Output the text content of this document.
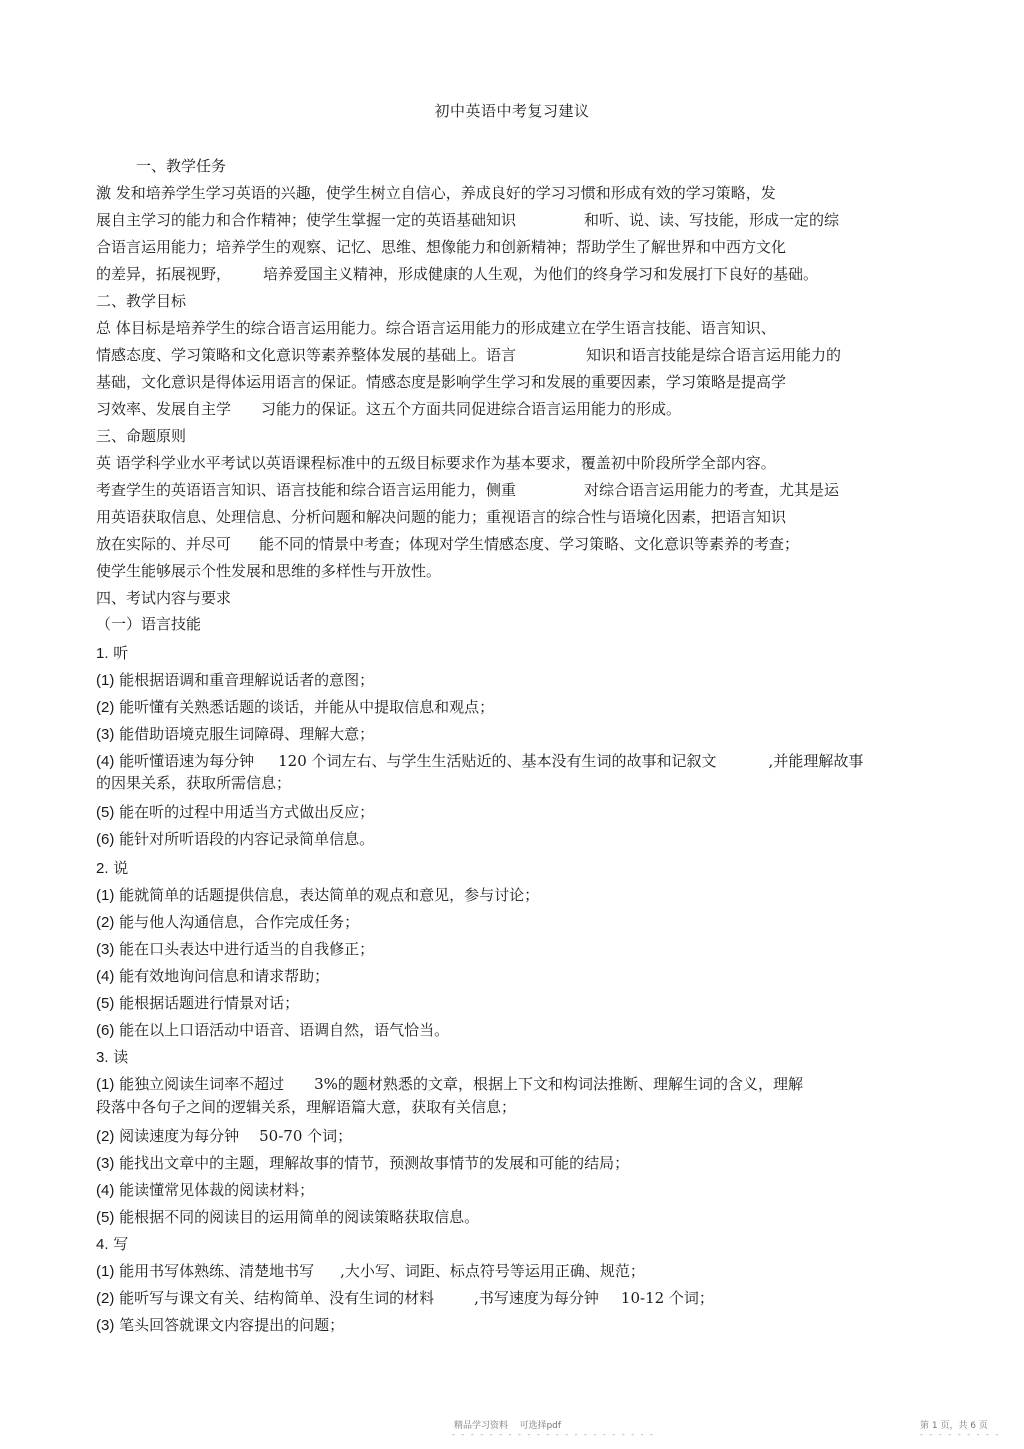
初中英语中考复习建议
一、教学任务
激 发和培养学生学习英语的兴趣，使学生树立自信心，养成良好的学习习惯和形成有效的学习策略，发
展自主学习的能力和合作精神；使学生掌握一定的英语基础知识	和听、说、读、写技能，形成一定的综
合语言运用能力；培养学生的观察、记忆、思维、想像能力和创新精神；帮助学生了解世界和中西方文化
的差异，拓展视野， 培养爱国主义精神，形成健康的人生观，为他们的终身学习和发展打下良好的基础。
二、教学目标
总 体目标是培养学生的综合语言运用能力。综合语言运用能力的形成建立在学生语言技能、语言知识、
情感态度、学习策略和文化意识等素养整体发展的基础上。语言	知识和语言技能是综合语言运用能力的
基础，文化意识是得体运用语言的保证。情感态度是影响学生学习和发展的重要因素，学习策略是提高学
习效率、发展自主学 习能力的保证。这五个方面共同促进综合语言运用能力的形成。
三、命题原则
英 语学科学业水平考试以英语课程标准中的五级目标要求作为基本要求，覆盖初中阶段所学全部内容。
考查学生的英语语言知识、语言技能和综合语言运用能力，侧重	对综合语言运用能力的考查，尤其是运
用英语获取信息、处理信息、分析问题和解决问题的能力；重视语言的综合性与语境化因素，把语言知识
放在实际的、并尽可 能不同的情景中考查；体现对学生情感态度、学习策略、文化意识等素养的考查；
使学生能够展示个性发展和思维的多样性与开放性。
四、考试内容与要求
（一）语言技能
1. 听
(1) 能根据语调和重音理解说话者的意图；
(2) 能听懂有关熟悉话题的谈话，并能从中提取信息和观点；
(3) 能借助语境克服生词障碍、理解大意；
(4) 能听懂语速为每分钟 120 个词左右、与学生生活贴近的、基本没有生词的故事和记叙文	,并能理解故事
的因果关系，获取所需信息；
(5) 能在听的过程中用适当方式做出反应；
(6) 能针对所听语段的内容记录简单信息。
2. 说
(1) 能就简单的话题提供信息，表达简单的观点和意见，参与讨论；
(2) 能与他人沟通信息，合作完成任务；
(3) 能在口头表达中进行适当的自我修正；
(4) 能有效地询问信息和请求帮助；
(5) 能根据话题进行情景对话；
(6) 能在以上口语活动中语音、语调自然，语气恰当。
3. 读
(1) 能独立阅读生词率不超过 3%的题材熟悉的文章，根据上下文和构词法推断、理解生词的含义，理解
段落中各句子之间的逻辑关系，理解语篇大意，获取有关信息；
(2) 阅读速度为每分钟 50-70 个词；
(3) 能找出文章中的主题，理解故事的情节，预测故事情节的发展和可能的结局；
(4) 能读懂常见体裁的阅读材料；
(5) 能根据不同的阅读目的运用简单的阅读策略获取信息。
4. 写
(1) 能用书写体熟练、清楚地书写 ,大小写、词距、标点符号等运用正确、规范；
(2) 能听写与课文有关、结构简单、没有生词的材料	,书写速度为每分钟 10-12 个词；
(3) 笔头回答就课文内容提出的问题；
精品学习资料 可选择pdf
- - - - - - - - - - - - - - - - - - - - - -
第 1 页，共 6 页
- - - - - - - - -
